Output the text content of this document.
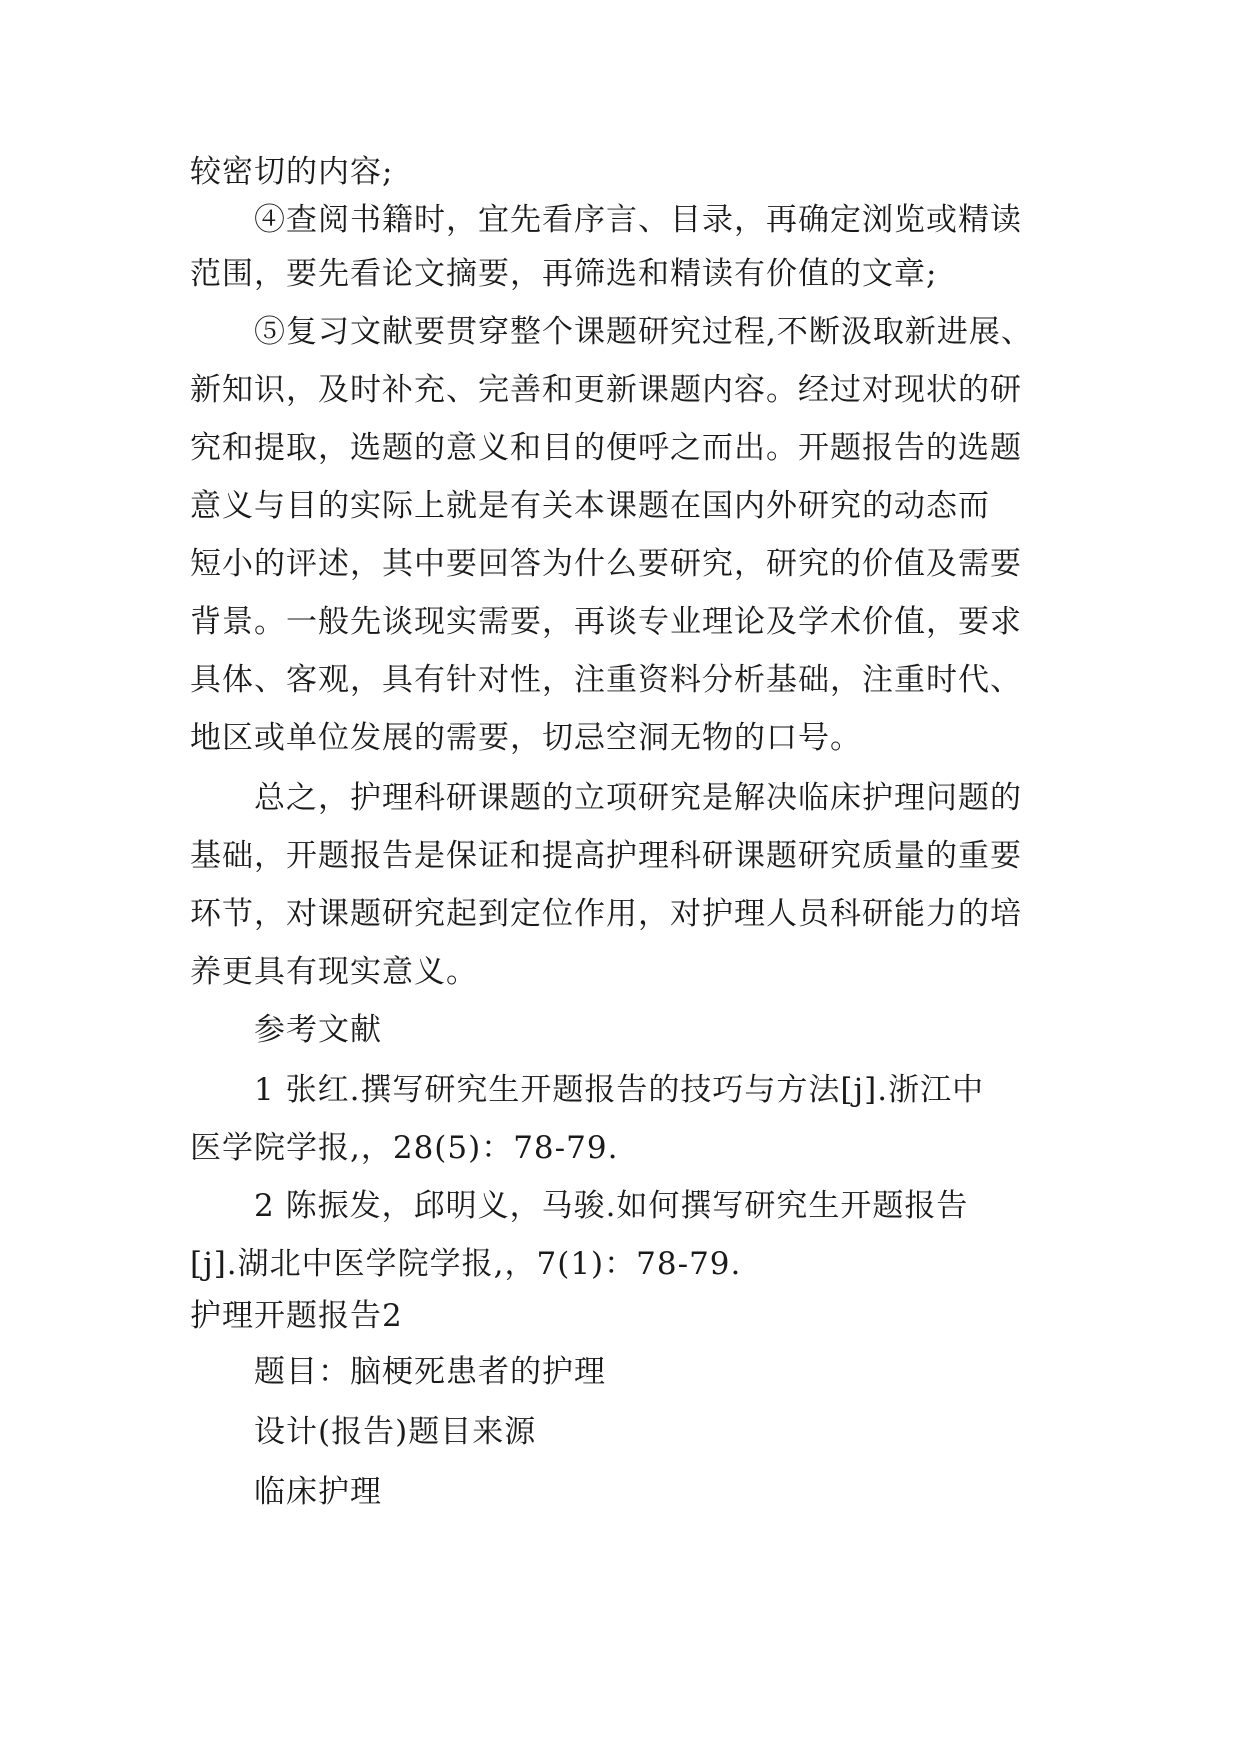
较密切的内容;
④查阅书籍时，宜先看序言、目录，再确定浏览或精读
范围，要先看论文摘要，再筛选和精读有价值的文章;
⑤复习文献要贯穿整个课题研究过程,不断汲取新进展、
新知识，及时补充、完善和更新课题内容。经过对现状的研
究和提取，选题的意义和目的便呼之而出。开题报告的选题
意义与目的实际上就是有关本课题在国内外研究的动态而
短小的评述，其中要回答为什么要研究，研究的价值及需要
背景。一般先谈现实需要，再谈专业理论及学术价值，要求
具体、客观，具有针对性，注重资料分析基础，注重时代、
地区或单位发展的需要，切忌空洞无物的口号。
总之，护理科研课题的立项研究是解决临床护理问题的
基础，开题报告是保证和提高护理科研课题研究质量的重要
环节，对课题研究起到定位作用，对护理人员科研能力的培
养更具有现实意义。
参考文献
1 张红.撰写研究生开题报告的技巧与方法[j].浙江中
医学院学报,，28(5)：78-79.
2 陈振发，邱明义，马骏.如何撰写研究生开题报告
[j].湖北中医学院学报,，7(1)：78-79.
护理开题报告2
题目：脑梗死患者的护理
设计(报告)题目来源
临床护理
